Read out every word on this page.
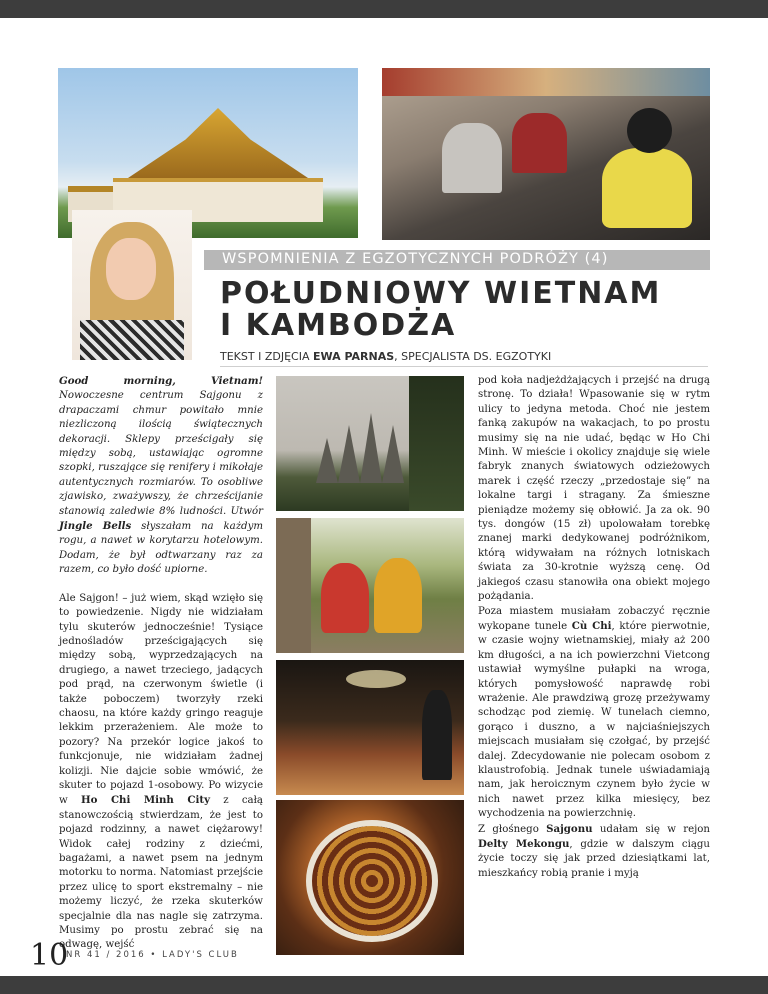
WSPOMNIENIA Z EGZOTYCZNYCH PODRÓŻY (4)
POŁUDNIOWY WIETNAM
I KAMBODŻA
TEKST I ZDJĘCIA EWA PARNAS, SPECJALISTA DS. EGZOTYKI

Good morning, Vietnam! Nowoczesne centrum Sajgonu z drapaczami chmur powitało mnie niezliczoną ilością świątecznych dekoracji. Sklepy prześcigały się między sobą, ustawiając ogromne szopki, ruszające się renifery i mikołaje autentycznych rozmiarów. To osobliwe zjawisko, zważywszy, że chrześcijanie stanowią zaledwie 8% ludności. Utwór Jingle Bells słyszałam na każdym rogu, a nawet w korytarzu hotelowym. Dodam, że był odtwarzany raz za razem, co było dość upiorne.

Ale Sajgon! – już wiem, skąd wzięło się to powiedzenie. Nigdy nie widziałam tylu skuterów jednocześnie! Tysiące jednośladów prześcigających się między sobą, wyprzedzających na drugiego, a nawet trzeciego, jadących pod prąd, na czerwonym świetle (i także poboczem) tworzyły rzeki chaosu, na które każdy gringo reaguje lekkim przerażeniem. Ale może to pozory? Na przekór logice jakoś to funkcjonuje, nie widziałam żadnej kolizji. Nie dajcie sobie wmówić, że skuter to pojazd 1-osobowy. Po wizycie w Ho Chi Minh City z całą stanowczością stwierdzam, że jest to pojazd rodzinny, a nawet ciężarowy! Widok całej rodziny z dziećmi, bagażami, a nawet psem na jednym motorku to norma. Natomiast przejście przez ulicę to sport ekstremalny – nie możemy liczyć, że rzeka skuterków specjalnie dla nas nagle się zatrzyma. Musimy po prostu zebrać się na odwagę, wejść

pod koła nadjeżdżających i przejść na drugą stronę. To działa! Wpasowanie się w rytm ulicy to jedyna metoda. Choć nie jestem fanką zakupów na wakacjach, to po prostu musimy się na nie udać, będąc w Ho Chi Minh. W mieście i okolicy znajduje się wiele fabryk znanych światowych odzieżowych marek i część rzeczy „przedostaje się” na lokalne targi i stragany. Za śmieszne pieniądze możemy się obłowić. Ja za ok. 90 tys. dongów (15 zł) upolowałam torebkę znanej marki dedykowanej podróżnikom, którą widywałam na różnych lotniskach świata za 30-krotnie wyższą cenę. Od jakiegoś czasu stanowiła ona obiekt mojego pożądania.

Poza miastem musiałam zobaczyć ręcznie wykopane tunele Cù Chi, które pierwotnie, w czasie wojny wietnamskiej, miały aż 200 km długości, a na ich powierzchni Vietcong ustawiał wymyślne pułapki na wroga, których pomysłowość naprawdę robi wrażenie. Ale prawdziwą grozę przeżywamy schodząc pod ziemię. W tunelach ciemno, gorąco i duszno, a w najciaśniejszych miejscach musiałam się czołgać, by przejść dalej. Zdecydowanie nie polecam osobom z klaustrofobią. Jednak tunele uświadamiają nam, jak heroicznym czynem było życie w nich nawet przez kilka miesięcy, bez wychodzenia na powierzchnię.

Z głośnego Sajgonu udałam się w rejon Delty Mekongu, gdzie w dalszym ciągu życie toczy się jak przed dziesiątkami lat, mieszkańcy robią pranie i myją

10
NR 41 / 2016 • LADY'S CLUB
